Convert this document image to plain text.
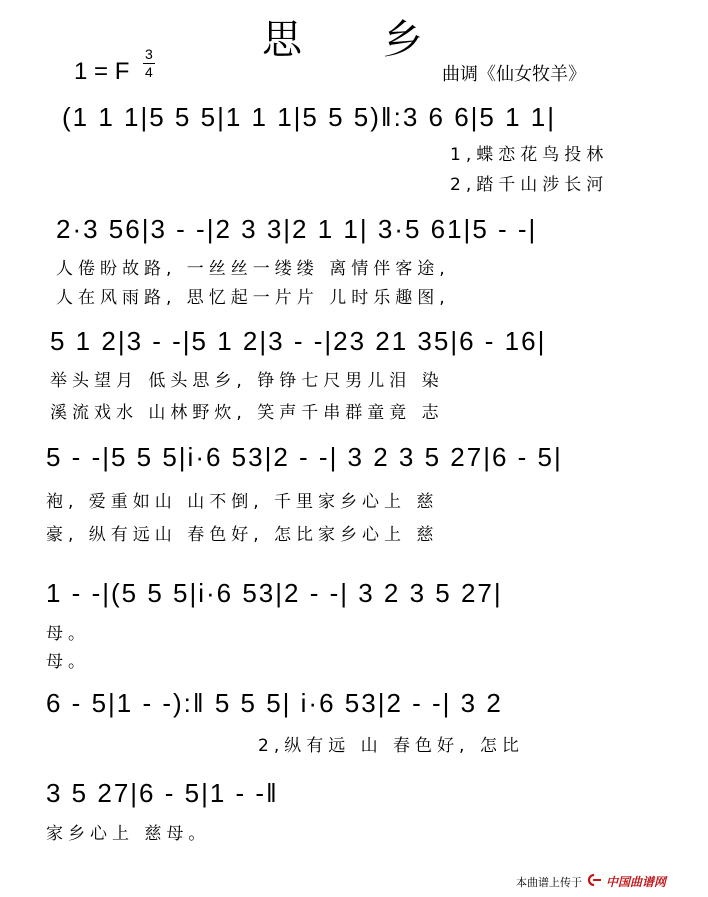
思 乡
1 = F
3
4	曲调《仙女牧羊》
(1 1 1|5 5 5|1 1 1|5 5 5)‖:3 6 6|5 1 1|
1,蝶恋花鸟投林
2,踏千山涉长河
2·3 56|3 - -|2 3 3|2 1 1| 3·5 61|5 - -|
人倦盼故路, 一丝丝一缕缕 离情伴客途,
人在风雨路, 思忆起一片片 儿时乐趣图,
5 1 2|3 - -|5 1 2|3 - -|23 21 35|6 - 16|
举头望月 低头思乡, 铮铮七尺男儿泪 染
溪流戏水 山林野炊, 笑声千串群童竟 志
5 - -|5 5 5|i·6 53|2 - -| 3 2 3 5 27|6 - 5|
袍, 爱重如山 山不倒, 千里家乡心上 慈
豪, 纵有远山 春色好, 怎比家乡心上 慈
1 - -|(5 5 5|i·6 53|2 - -| 3 2 3 5 27|
母。
母。
6 - 5|1 - -):‖ 5 5 5| i·6 53|2 - -| 3 2
2,纵有远 山 春色好, 怎比
3 5 27|6 - 5|1 - -‖
家乡心上 慈母。
本曲谱上传于 中国曲谱网
